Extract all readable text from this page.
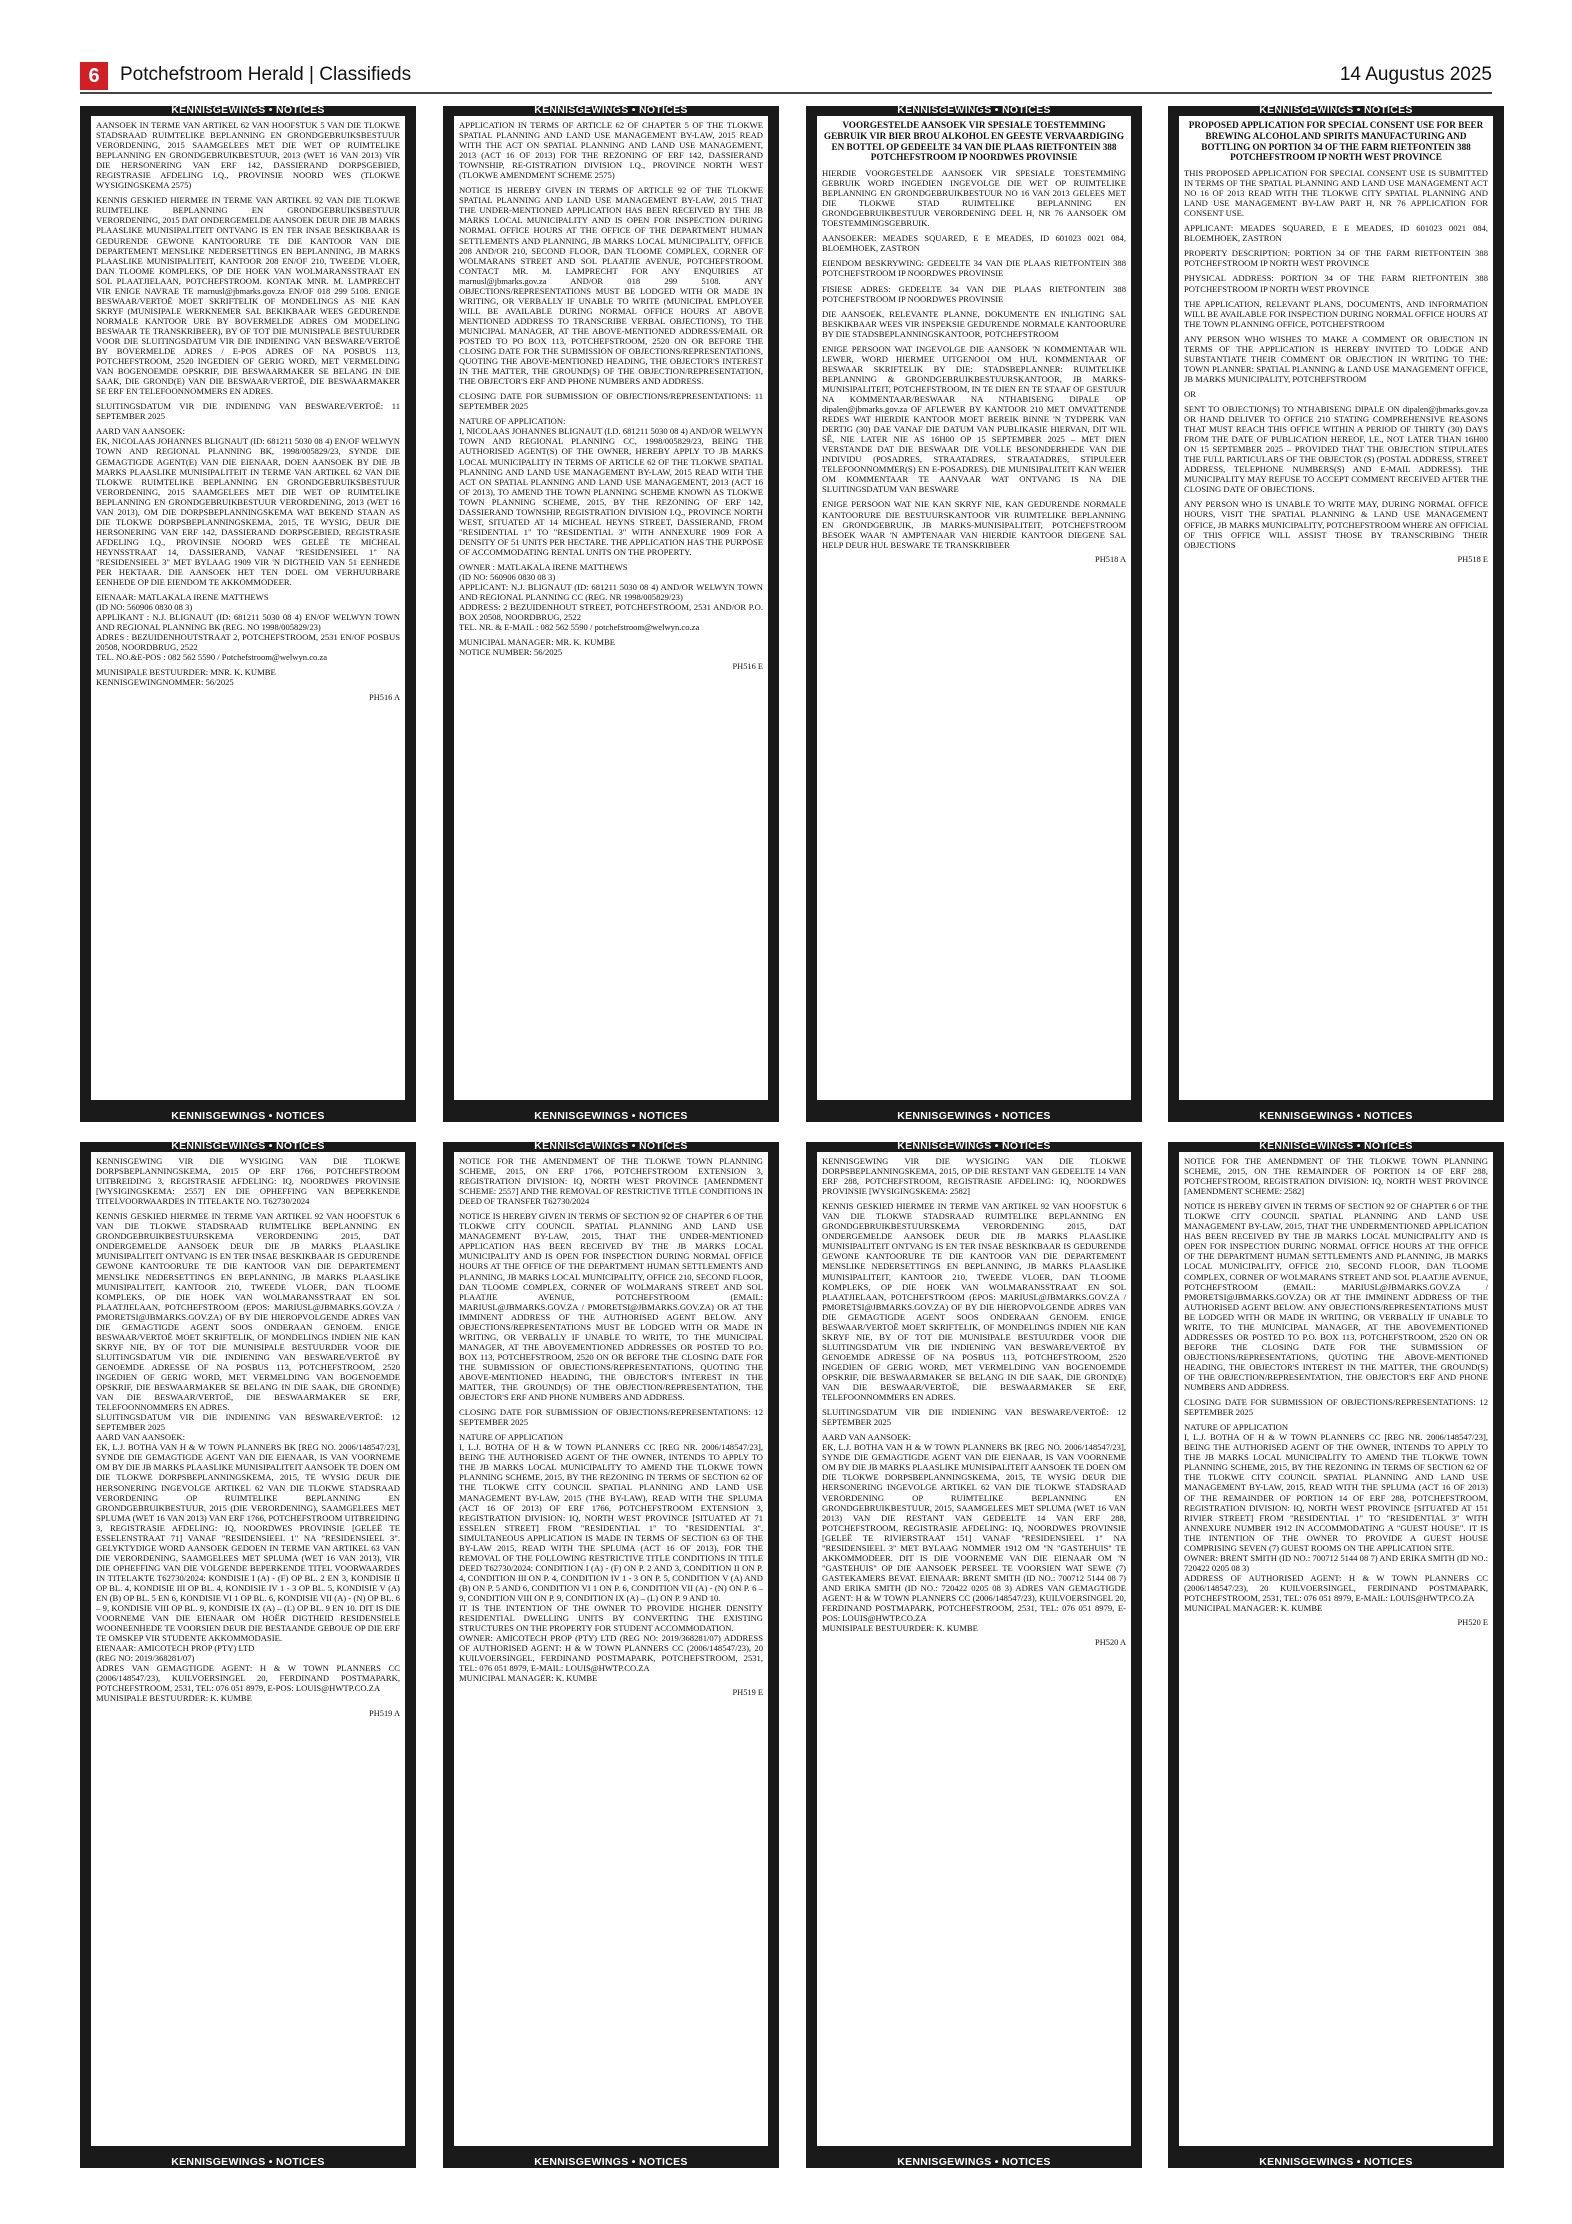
6	Potchefstroom Herald | Classifieds	14 Augustus 2025
KENNISGEWINGS • NOTICES

AANSOEK IN TERME VAN ARTIKEL 62 VAN HOOFSTUK 5 VAN DIE TLOKWE STADSRAAD RUIMTELIKE BEPLANNING EN GRONDGEBRUIKSBESTUUR VERORDENING, 2015 SAAMGELEES MET DIE WET OP RUIMTELIKE BEPLANNING EN GRONDGEBRUIKBESTUUR, 2013 (WET 16 VAN 2013) VIR DIE HERSONERING VAN ERF 142, DASSIERAND DORPSGEBIED, REGISTRASIE AFDELING I.Q., PROVINSIE NOORD WES (TLOKWE WYSIGINGSKEMA 2575)

KENNIS GESKIED HIERMEE IN TERME VAN ARTIKEL 92 VAN DIE TLOKWE RUIMTELIKE BEPLANNING EN GRONDGEBRUIKSBESTUUR VERORDENING, 2015 DAT ONDERGEMELDE AANSOEK DEUR DIE JB MARKS PLAASLIKE MUNISIPALITEIT ONTVANG IS EN TER INSAE BESKIKBAAR IS GEDURENDE GEWONE KANTOORURE TE DIE KANTOOR VAN DIE DEPARTEMENT MENSLIKE NEDERSETTINGS EN BEPLANNING, JB MARKS PLAASLIKE MUNISIPALITEIT, KANTOOR 208 EN/OF 210, TWEEDE VLOER, DAN TLOOME KOMPLEKS, OP DIE HOEK VAN WOLMARANSSTRAAT EN SOL PLAATJIELAAN, POTCHEFSTROOM. KONTAK MNR. M. LAMPRECHT VIR ENIGE NAVRAE TE marnusl@jbmarks.gov.za EN/OF 018 299 5108. ENIGE BESWAAR/VERTOË MOET SKRIFTELIK OF MONDELINGS AS NIE KAN SKRYF (MUNISIPALE WERKNEMER SAL BEKIKBAAR WEES GEDURENDE NORMALE KANTOOR URE BY BOVERMELDE ADRES OM MODELING BESWAAR TE TRANSKRIBEER), BY OF TOT DIE MUNISIPALE BESTUURDER VOOR DIE SLUITINGSDATUM VIR DIE INDIENING VAN BESWARE/VERTOË BY BOVERMELDE ADRES / E-POS ADRES OF NA POSBUS 113, POTCHEFSTROOM, 2520 INGEDIEN OF GERIG WORD, MET VERMELDING VAN BOGENOEMDE OPSKRIF, DIE BESWAARMAKER SE BELANG IN DIE SAAK, DIE GROND(E) VAN DIE BESWAAR/VERTOË, DIE BESWAARMAKER SE ERF EN TELEFOONNOMMERS EN ADRES.

SLUITINGSDATUM VIR DIE INDIENING VAN BESWARE/VERTOË: 11 SEPTEMBER 2025

AARD VAN AANSOEK:
EK, NICOLAAS JOHANNES BLIGNAUT (ID: 681211 5030 08 4) EN/OF WELWYN TOWN AND REGIONAL PLANNING BK, 1998/005829/23, SYNDE DIE GEMAGTIGDE AGENT(E) VAN DIE EIENAAR, DOEN AANSOEK BY DIE JB MARKS PLAASLIKE MUNISIPALITEIT IN TERME VAN ARTIKEL 62 VAN DIE TLOKWE RUIMTELIKE BEPLANNING EN GRONDGEBRUIKSBESTUUR VERORDENING, 2015 SAAMGELEES MET DIE WET OP RUIMTELIKE BEPLANNING EN GRONDGEBRUIKBESTUUR VERORDENING, 2013 (WET 16 VAN 2013), OM DIE DORPSBEPLANNINGSKEMA WAT BEKEND STAAN AS DIE TLOKWE DORPSBEPLANNINGSKEMA, 2015, TE WYSIG, DEUR DIE HERSONERING VAN ERF 142, DASSIERAND DORPSGEBIED, REGISTRASIE AFDELING I.Q., PROVINSIE NOORD WES GELEË TE MICHEAL HEYNSSTRAAT 14, DASSIERAND, VANAF "RESIDENSIEEL 1" NA "RESIDENSIEEL 3" MET BYLAAG 1909 VIR 'N DIGTHEID VAN 51 EENHEDE PER HEKTAAR. DIE AANSOEK HET TEN DOEL OM VERHUURBARE EENHEDE OP DIE EIENDOM TE AKKOMMODEER.

EIENAAR: MATLAKALA IRENE MATTHEWS
(ID NO: 560906 0830 08 3)
APPLIKANT : N.J. BLIGNAUT (ID: 681211 5030 08 4) EN/OF WELWYN TOWN AND REGIONAL PLANNING BK (REG. NO 1998/005829/23)
ADRES : BEZUIDENHOUTSTRAAT 2, POTCHEFSTROOM, 2531 EN/OF POSBUS 20508, NOORDBRUG, 2522
TEL. NO.&E-POS : 082 562 5590 / Potchefstroom@welwyn.co.za

MUNISIPALE BESTUURDER: MNR. K. KUMBE
KENNISGEWINGNOMMER: 56/2025

PH516 A

KENNISGEWINGS • NOTICES
KENNISGEWINGS • NOTICES

APPLICATION IN TERMS OF ARTICLE 62 OF CHAPTER 5 OF THE TLOKWE SPATIAL PLANNING AND LAND USE MANAGEMENT BY-LAW, 2015 READ WITH THE ACT ON SPATIAL PLANNING AND LAND USE MANAGEMENT, 2013 (ACT 16 OF 2013) FOR THE REZONING OF ERF 142, DASSIERAND TOWNSHIP, RE-GISTRATION DIVISION I.Q., PROVINCE NORTH WEST (TLOKWE AMENDMENT SCHEME 2575)

NOTICE IS HEREBY GIVEN IN TERMS OF ARTICLE 92 OF THE TLOKWE SPATIAL PLANNING AND LAND USE MANAGEMENT BY-LAW, 2015 THAT THE UNDER-MENTIONED APPLICATION HAS BEEN RECEIVED BY THE JB MARKS LOCAL MUNICIPALITY AND IS OPEN FOR INSPECTION DURING NORMAL OFFICE HOURS AT THE OFFICE OF THE DEPARTMENT HUMAN SETTLEMENTS AND PLANNING, JB MARKS LOCAL MUNICIPALITY, OFFICE 208 AND/OR 210, SECOND FLOOR, DAN TLOOME COMPLEX, CORNER OF WOLMARANS STREET AND SOL PLAATJIE AVENUE, POTCHEFSTROOM. CONTACT MR. M. LAMPRECHT FOR ANY ENQUIRIES AT marnusl@jbmarks.gov.za AND/OR 018 299 5108. ANY OBJECTIONS/REPRESENTATIONS MUST BE LODGED WITH OR MADE IN WRITING, OR VERBALLY IF UNABLE TO WRITE (MUNICIPAL EMPLOYEE WILL BE AVAILABLE DURING NORMAL OFFICE HOURS AT ABOVE MENTIONED ADDRESS TO TRANSCRIBE VERBAL OBJECTIONS), TO THE MUNICIPAL MANAGER, AT THE ABOVE-MENTIONED ADDRESS/EMAIL OR POSTED TO PO BOX 113, POTCHEFSTROOM, 2520 ON OR BEFORE THE CLOSING DATE FOR THE SUBMISSION OF OBJECTIONS/REPRESENTATIONS, QUOTING THE ABOVE-MENTIONED HEADING, THE OBJECTOR'S INTEREST IN THE MATTER, THE GROUND(S) OF THE OBJECTION/REPRESENTATION, THE OBJECTOR'S ERF AND PHONE NUMBERS AND ADDRESS.

CLOSING DATE FOR SUBMISSION OF OBJECTIONS/REPRESENTATIONS: 11 SEPTEMBER 2025

NATURE OF APPLICATION:
I, NICOLAAS JOHANNES BLIGNAUT (I.D. 681211 5030 08 4) AND/OR WELWYN TOWN AND REGIONAL PLANNING CC, 1998/005829/23, BEING THE AUTHORISED AGENT(S) OF THE OWNER, HEREBY APPLY TO JB MARKS LOCAL MUNICIPALITY IN TERMS OF ARTICLE 62 OF THE TLOKWE SPATIAL PLANNING AND LAND USE MANAGEMENT BY-LAW, 2015 READ WITH THE ACT ON SPATIAL PLANNING AND LAND USE MANAGEMENT, 2013 (ACT 16 OF 2013), TO AMEND THE TOWN PLANNING SCHEME KNOWN AS TLOKWE TOWN PLANNING SCHEME, 2015, BY THE REZONING OF ERF 142, DASSIERAND TOWNSHIP, REGISTRATION DIVISION I.Q., PROVINCE NORTH WEST, SITUATED AT 14 MICHEAL HEYNS STREET, DASSIERAND, FROM "RESIDENTIAL 1" TO "RESIDENTIAL 3" WITH ANNEXURE 1909 FOR A DENSITY OF 51 UNITS PER HECTARE. THE APPLICATION HAS THE PURPOSE OF ACCOMMODATING RENTAL UNITS ON THE PROPERTY.

OWNER : MATLAKALA IRENE MATTHEWS
(ID NO: 560906 0830 08 3)
APPLICANT: N.J. BLIGNAUT (ID: 681211 5030 08 4) AND/OR WELWYN TOWN AND REGIONAL PLANNING CC (REG. NR 1998/005829/23)
ADDRESS: 2 BEZUIDENHOUT STREET, POTCHEFSTROOM, 2531 AND/OR P.O. BOX 20508, NOORDBRUG, 2522
TEL. NR. & E-MAIL : 082 562 5590 / potchefstroom@welwyn.co.za

MUNICIPAL MANAGER: MR. K. KUMBE
NOTICE NUMBER: 56/2025

PH516 E

KENNISGEWINGS • NOTICES
KENNISGEWINGS • NOTICES

VOORGESTELDE AANSOEK VIR SPESIALE TOESTEMMING GEBRUIK VIR BIER BROU ALKOHOL EN GEESTE VERVAARDIGING EN BOTTEL OP GEDEELTE 34 VAN DIE PLAAS RIETFONTEIN 388 POTCHEFSTROOM IP NOORDWES PROVINSIE

HIERDIE VOORGESTELDE AANSOEK VIR SPESIALE TOESTEMMING GEBRUIK WORD INGEDIEN INGEVOLGE DIE WET OP RUIMTELIKE BEPLANNING EN GRONDGEBRUIKBESTUUR NO 16 VAN 2013 GELEES MET DIE TLOKWE STAD RUIMTELIKE BEPLANNING EN GRONDGEBRUIKBESTUUR VERORDENING DEEL H, NR 76 AANSOEK OM TOESTEMMINGSGEBRUIK.

AANSOEKER: MEADES SQUARED, E E MEADES, ID 601023 0021 084, BLOEMHOEK, ZASTRON

EIENDOM BESKRYWING: GEDEELTE 34 VAN DIE PLAAS RIETFONTEIN 388 POTCHEFSTROOM IP NOORDWES PROVINSIE

FISIESE ADRES: GEDEELTE 34 VAN DIE PLAAS RIETFONTEIN 388 POTCHEFSTROOM IP NOORDWES PROVINSIE

DIE AANSOEK, RELEVANTE PLANNE, DOKUMENTE EN INLIGTING SAL BESKIKBAAR WEES VIR INSPEKSIE GEDURENDE NORMALE KANTOORURE BY DIE STADSBEPLANNINGSKANTOOR, POTCHEFSTROOM

ENIGE PERSOON WAT INGEVOLGE DIE AANSOEK 'N KOMMENTAAR WIL LEWER, WORD HIERMEE UITGENOOI OM HUL KOMMENTAAR OF BESWAAR SKRIFTELIK BY DIE: STADSBEPLANNER: RUIMTELIKE BEPLANNING & GRONDGEBRUIKBESTUURSKANTOOR, JB MARKS-MUNISIPALITEIT, POTCHEFSTROOM, IN TE DIEN EN TE STAAF OF GESTUUR NA KOMMENTAAR/BESWAAR NA NTHABISENG DIPALE OP dipalen@jbmarks.gov.za OF AFLEWER BY KANTOOR 210 MET OMVATTENDE REDES WAT HIERDIE KANTOOR MOET BEREIK BINNE 'N TYDPERK VAN DERTIG (30) DAE VANAF DIE DATUM VAN PUBLIKASIE HIERVAN, DIT WIL SÊ, NIE LATER NIE AS 16H00 OP 15 SEPTEMBER 2025 – MET DIEN VERSTANDE DAT DIE BESWAAR DIE VOLLE BESONDERHEDE VAN DIE INDIVIDU (POSADRES, STRAATADRES, STRAATADRES, STIPULEER TELEFOONNOMMER(S) EN E-POSADRES). DIE MUNISIPALITEIT KAN WEIER OM KOMMENTAAR TE AANVAAR WAT ONTVANG IS NA DIE SLUITINGSDATUM VAN BESWARE

ENIGE PERSOON WAT NIE KAN SKRYF NIE, KAN GEDURENDE NORMALE KANTOORURE DIE BESTUURSKANTOOR VIR RUIMTELIKE BEPLANNING EN GRONDGEBRUIK, JB MARKS-MUNISIPALITEIT, POTCHEFSTROOM BESOEK WAAR 'N AMPTENAAR VAN HIERDIE KANTOOR DIEGENE SAL HELP DEUR HUL BESWARE TE TRANSKRIBEER

PH518 A

KENNISGEWINGS • NOTICES
KENNISGEWINGS • NOTICES

PROPOSED APPLICATION FOR SPECIAL CONSENT USE FOR BEER BREWING ALCOHOL AND SPIRITS MANUFACTURING AND BOTTLING ON PORTION 34 OF THE FARM RIETFONTEIN 388 POTCHEFSTROOM IP NORTH WEST PROVINCE

THIS PROPOSED APPLICATION FOR SPECIAL CONSENT USE IS SUBMITTED IN TERMS OF THE SPATIAL PLANNING AND LAND USE MANAGEMENT ACT NO 16 OF 2013 READ WITH THE TLOKWE CITY SPATIAL PLANNING AND LAND USE MANAGEMENT BY-LAW PART H, NR 76 APPLICATION FOR CONSENT USE.

APPLICANT: MEADES SQUARED, E E MEADES, ID 601023 0021 084, BLOEMHOEK, ZASTRON

PROPERTY DESCRIPTION: PORTION 34 OF THE FARM RIETFONTEIN 388 POTCHEFSTROOM IP NORTH WEST PROVINCE

PHYSICAL ADDRESS: PORTION 34 OF THE FARM RIETFONTEIN 388 POTCHEFSTROOM IP NORTH WEST PROVINCE

THE APPLICATION, RELEVANT PLANS, DOCUMENTS, AND INFORMATION WILL BE AVAILABLE FOR INSPECTION DURING NORMAL OFFICE HOURS AT THE TOWN PLANNING OFFICE, POTCHEFSTROOM

ANY PERSON WHO WISHES TO MAKE A COMMENT OR OBJECTION IN TERMS OF THE APPLICATION IS HEREBY INVITED TO LODGE AND SUBSTANTIATE THEIR COMMENT OR OBJECTION IN WRITING TO THE: TOWN PLANNER: SPATIAL PLANNING & LAND USE MANAGEMENT OFFICE, JB MARKS MUNICIPALITY, POTCHEFSTROOM

OR

SENT TO OBJECTION(S) TO NTHABISENG DIPALE ON dipalen@jbmarks.gov.za OR HAND DELIVER TO OFFICE 210 STATING COMPREHENSIVE REASONS THAT MUST REACH THIS OFFICE WITHIN A PERIOD OF THIRTY (30) DAYS FROM THE DATE OF PUBLICATION HEREOF, I.E., NOT LATER THAN 16H00 ON 15 SEPTEMBER 2025 – PROVIDED THAT THE OBJECTION STIPULATES THE FULL PARTICULARS OF THE OBJECTOR (S) (POSTAL ADDRESS, STREET ADDRESS, TELEPHONE NUMBERS(S) AND E-MAIL ADDRESS). THE MUNICIPALITY MAY REFUSE TO ACCEPT COMMENT RECEIVED AFTER THE CLOSING DATE OF OBJECTIONS.

ANY PERSON WHO IS UNABLE TO WRITE MAY, DURING NORMAL OFFICE HOURS, VISIT THE SPATIAL PLANNING & LAND USE MANAGEMENT OFFICE, JB MARKS MUNICIPALITY, POTCHEFSTROOM WHERE AN OFFICIAL OF THIS OFFICE WILL ASSIST THOSE BY TRANSCRIBING THEIR OBJECTIONS

PH518 E

KENNISGEWINGS • NOTICES
KENNISGEWINGS • NOTICES

KENNISGEWING VIR DIE WYSIGING VAN DIE TLOKWE DORPSBEPLANNINGSKEMA, 2015 OP ERF 1766, POTCHEFSTROOM UITBREIDING 3, REGISTRASIE AFDELING: IQ, NOORDWES PROVINSIE [WYSIGINGSKEMA: 2557] EN DIE OPHEFFING VAN BEPERKENDE TITELVOORWAARDES IN TITELAKTE NO. T62730/2024

KENNIS GESKIED HIERMEE IN TERME VAN ARTIKEL 92 VAN HOOFSTUK 6 VAN DIE TLOKWE STADSRAAD RUIMTELIKE BEPLANNING EN GRONDGEBRUIKBESTUURSKEMA VERORDENING 2015, DAT ONDERGEMELDE AANSOEK DEUR DIE JB MARKS PLAASLIKE MUNISIPALITEIT ONTVANG IS EN TER INSAE BESKIKBAAR IS GEDURENDE GEWONE KANTOORURE TE DIE KANTOOR VAN DIE DEPARTEMENT MENSLIKE NEDERSETTINGS EN BEPLANNING, JB MARKS PLAASLIKE MUNISIPALITEIT, KANTOOR 210, TWEEDE VLOER, DAN TLOOME KOMPLEKS, OP DIE HOEK VAN WOLMARANSSTRAAT EN SOL PLAATJIELAAN, POTCHEFSTROOM (EPOS: MARIUSL@JBMARKS.GOV.ZA / PMORETSI@JBMARKS.GOV.ZA) OF BY DIE HIEROPVOLGENDE ADRES VAN DIE GEMAGTIGDE AGENT SOOS ONDERAAN GENOEM. ENIGE BESWAAR/VERTOË MOET SKRIFTELIK, OF MONDELINGS INDIEN NIE KAN SKRYF NIE, BY OF TOT DIE MUNISIPALE BESTUURDER VOOR DIE SLUITINGSDATUM VIR DIE INDIENING VAN BESWARE/VERTOË BY GENOEMDE ADRESSE OF NA POSBUS 113, POTCHEFSTROOM, 2520 INGEDIEN OF GERIG WORD, MET VERMELDING VAN BOGENOEMDE OPSKRIF, DIE BESWAARMAKER SE BELANG IN DIE SAAK, DIE GROND(E) VAN DIE BESWAAR/VERTOË, DIE BESWAARMAKER SE ERF, TELEFOONNOMMERS EN ADRES.
SLUITINGSDATUM VIR DIE INDIENING VAN BESWARE/VERTOË: 12 SEPTEMBER 2025
AARD VAN AANSOEK:
EK, L.J. BOTHA VAN H & W TOWN PLANNERS BK [REG NO. 2006/148547/23], SYNDE DIE GEMAGTIGDE AGENT VAN DIE EIENAAR, IS VAN VOORNEME OM BY DIE JB MARKS PLAASLIKE MUNISIPALITEIT AANSOEK TE DOEN OM DIE TLOKWE DORPSBEPLANNINGSKEMA, 2015, TE WYSIG DEUR DIE HERSONERING INGEVOLGE ARTIKEL 62 VAN DIE TLOKWE STADSRAAD VERORDENING OP RUIMTELIKE BEPLANNING EN GRONDGEBRUIKBESTUUR, 2015 (DIE VERORDENING), SAAMGELEES MET SPLUMA (WET 16 VAN 2013) VAN ERF 1766, POTCHEFSTROOM UITBREIDING 3, REGISTRASIE AFDELING: IQ, NOORDWES PROVINSIE [GELEË TE ESSELENSTRAAT 71] VANAF "RESIDENSIEEL 1" NA "RESIDENSIEEL 3". GELYKTYDIGE WORD AANSOEK GEDOEN IN TERME VAN ARTIKEL 63 VAN DIE VERORDENING, SAAMGELEES MET SPLUMA (WET 16 VAN 2013), VIR DIE OPHEFFING VAN DIE VOLGENDE BEPERKENDE TITEL VOORWAARDES IN TITELAKTE T62730/2024: KONDISIE I (A) - (F) OP BL. 2 EN 3, KONDISIE II OP BL. 4, KONDISIE III OP BL. 4, KONDISIE IV 1 - 3 OP BL. 5, KONDISIE V (A) EN (B) OP BL. 5 EN 6, KONDISIE VI 1 OP BL. 6, KONDISIE VII (A) - (N) OP BL. 6 – 9, KONDISIE VIII OP BL. 9, KONDISIE IX (A) – (L) OP BL. 9 EN 10. DIT IS DIE VOORNEME VAN DIE EIENAAR OM HOËR DIGTHEID RESIDENSIELE WOONEENHEDE TE VOORSIEN DEUR DIE BESTAANDE GEBOUE OP DIE ERF TE OMSKEP VIR STUDENTE AKKOMMODASIE.
EIENAAR: AMICOTECH PROP (PTY) LTD
(REG NO: 2019/368281/07)
ADRES VAN GEMAGTIGDE AGENT: H & W TOWN PLANNERS CC (2006/148547/23), KUILVOERSINGEL 20, FERDINAND POSTMAPARK, POTCHEFSTROOM, 2531, TEL: 076 051 8979, E-POS: LOUIS@HWTP.CO.ZA
MUNISIPALE BESTUURDER: K. KUMBE

PH519 A

KENNISGEWINGS • NOTICES
KENNISGEWINGS • NOTICES

NOTICE FOR THE AMENDMENT OF THE TLOKWE TOWN PLANNING SCHEME, 2015, ON ERF 1766, POTCHEFSTROOM EXTENSION 3, REGISTRATION DIVISION: IQ, NORTH WEST PROVINCE [AMENDMENT SCHEME: 2557] AND THE REMOVAL OF RESTRICTIVE TITLE CONDITIONS IN DEED OF TRANSFER T62730/2024

NOTICE IS HEREBY GIVEN IN TERMS OF SECTION 92 OF CHAPTER 6 OF THE TLOKWE CITY COUNCIL SPATIAL PLANNING AND LAND USE MANAGEMENT BY-LAW, 2015, THAT THE UNDER-MENTIONED APPLICATION HAS BEEN RECEIVED BY THE JB MARKS LOCAL MUNICIPALITY AND IS OPEN FOR INSPECTION DURING NORMAL OFFICE HOURS AT THE OFFICE OF THE DEPARTMENT HUMAN SETTLEMENTS AND PLANNING, JB MARKS LOCAL MUNICIPALITY, OFFICE 210, SECOND FLOOR, DAN TLOOME COMPLEX, CORNER OF WOLMARANS STREET AND SOL PLAATJIE AVENUE, POTCHEFSTROOM (EMAIL: MARIUSL@JBMARKS.GOV.ZA / PMORETSI@JBMARKS.GOV.ZA) OR AT THE IMMINENT ADDRESS OF THE AUTHORISED AGENT BELOW. ANY OBJECTIONS/REPRESENTATIONS MUST BE LODGED WITH OR MADE IN WRITING, OR VERBALLY IF UNABLE TO WRITE, TO THE MUNICIPAL MANAGER, AT THE ABOVEMENTIONED ADDRESSES OR POSTED TO P.O. BOX 113, POTCHEFSTROOM, 2520 ON OR BEFORE THE CLOSING DATE FOR THE SUBMISSION OF OBJECTIONS/REPRESENTATIONS, QUOTING THE ABOVE-MENTIONED HEADING, THE OBJECTOR'S INTEREST IN THE MATTER, THE GROUND(S) OF THE OBJECTION/REPRESENTATION, THE OBJECTOR'S ERF AND PHONE NUMBERS AND ADDRESS.

CLOSING DATE FOR SUBMISSION OF OBJECTIONS/REPRESENTATIONS: 12 SEPTEMBER 2025

NATURE OF APPLICATION
I, L.J. BOTHA OF H & W TOWN PLANNERS CC [REG NR. 2006/148547/23], BEING THE AUTHORISED AGENT OF THE OWNER, INTENDS TO APPLY TO THE JB MARKS LOCAL MUNICIPALITY TO AMEND THE TLOKWE TOWN PLANNING SCHEME, 2015, BY THE REZONING IN TERMS OF SECTION 62 OF THE TLOKWE CITY COUNCIL SPATIAL PLANNING AND LAND USE MANAGEMENT BY-LAW, 2015 (THE BY-LAW), READ WITH THE SPLUMA (ACT 16 OF 2013) OF ERF 1766, POTCHEFSTROOM EXTENSION 3, REGISTRATION DIVISION: IQ, NORTH WEST PROVINCE [SITUATED AT 71 ESSELEN STREET] FROM "RESIDENTIAL 1" TO "RESIDENTIAL 3". SIMULTANEOUS APPLICATION IS MADE IN TERMS OF SECTION 63 OF THE BY-LAW 2015, READ WITH THE SPLUMA (ACT 16 OF 2013), FOR THE REMOVAL OF THE FOLLOWING RESTRICTIVE TITLE CONDITIONS IN TITLE DEED T62730/2024: CONDITION I (A) - (F) ON P. 2 AND 3, CONDITION II ON P. 4, CONDITION III ON P. 4, CONDITION IV 1 - 3 ON P. 5, CONDITION V (A) AND (B) ON P. 5 AND 6, CONDITION VI 1 ON P. 6, CONDITION VII (A) - (N) ON P. 6 – 9, CONDITION VIII ON P. 9, CONDITION IX (A) – (L) ON P. 9 AND 10.
IT IS THE INTENTION OF THE OWNER TO PROVIDE HIGHER DENSITY RESIDENTIAL DWELLING UNITS BY CONVERTING THE EXISTING STRUCTURES ON THE PROPERTY FOR STUDENT ACCOMMODATION.
OWNER: AMICOTECH PROP (PTY) LTD (REG NO: 2019/368281/07) ADDRESS OF AUTHORISED AGENT: H & W TOWN PLANNERS CC (2006/148547/23), 20 KUILVOERSINGEL, FERDINAND POSTMAPARK, POTCHEFSTROOM, 2531, TEL: 076 051 8979, E-MAIL: LOUIS@HWTP.CO.ZA
MUNICIPAL MANAGER: K. KUMBE

PH519 E

KENNISGEWINGS • NOTICES
KENNISGEWINGS • NOTICES

KENNISGEWING VIR DIE WYSIGING VAN DIE TLOKWE DORPSBEPLANNINGSKEMA, 2015, OP DIE RESTANT VAN GEDEELTE 14 VAN ERF 288, POTCHEFSTROOM, REGISTRASIE AFDELING: IQ, NOORDWES PROVINSIE [WYSIGINGSKEMA: 2582]

KENNIS GESKIED HIERMEE IN TERME VAN ARTIKEL 92 VAN HOOFSTUK 6 VAN DIE TLOKWE STADSRAAD RUIMTELIKE BEPLANNING EN GRONDGEBRUIKBESTUURSKEMA VERORDENING 2015, DAT ONDERGEMELDE AANSOEK DEUR DIE JB MARKS PLAASLIKE MUNISIPALITEIT ONTVANG IS EN TER INSAE BESKIKBAAR IS GEDURENDE GEWONE KANTOORURE TE DIE KANTOOR VAN DIE DEPARTEMENT MENSLIKE NEDERSETTINGS EN BEPLANNING, JB MARKS PLAASLIKE MUNISIPALITEIT, KANTOOR 210, TWEEDE VLOER, DAN TLOOME KOMPLEKS, OP DIE HOEK VAN WOLMARANSSTRAAT EN SOL PLAATJIELAAN, POTCHEFSTROOM (EPOS: MARIUSL@JBMARKS.GOV.ZA / PMORETSI@JBMARKS.GOV.ZA) OF BY DIE HIEROPVOLGENDE ADRES VAN DIE GEMAGTIGDE AGENT SOOS ONDERAAN GENOEM. ENIGE BESWAAR/VERTOË MOET SKRIFTELIK, OF MONDELINGS INDIEN NIE KAN SKRYF NIE, BY OF TOT DIE MUNISIPALE BESTUURDER VOOR DIE SLUITINGSDATUM VIR DIE INDIENING VAN BESWARE/VERTOË BY GENOEMDE ADRESSE OF NA POSBUS 113, POTCHEFSTROOM, 2520 INGEDIEN OF GERIG WORD, MET VERMELDING VAN BOGENOEMDE OPSKRIF, DIE BESWAARMAKER SE BELANG IN DIE SAAK, DIE GROND(E) VAN DIE BESWAAR/VERTOË, DIE BESWAARMAKER SE ERF, TELEFOONNOMMERS EN ADRES.

SLUITINGSDATUM VIR DIE INDIENING VAN BESWARE/VERTOË: 12 SEPTEMBER 2025

AARD VAN AANSOEK:
EK, L.J. BOTHA VAN H & W TOWN PLANNERS BK [REG NO. 2006/148547/23], SYNDE DIE GEMAGTIGDE AGENT VAN DIE EIENAAR, IS VAN VOORNEME OM BY DIE JB MARKS PLAASLIKE MUNISIPALITEIT AANSOEK TE DOEN OM DIE TLOKWE DORPSBEPLANNINGSKEMA, 2015, TE WYSIG DEUR DIE HERSONERING INGEVOLGE ARTIKEL 62 VAN DIE TLOKWE STADSRAAD VERORDENING OP RUIMTELIKE BEPLANNING EN GRONDGEBRUIKBESTUUR, 2015, SAAMGELEES MET SPLUMA (WET 16 VAN 2013) VAN DIE RESTANT VAN GEDEELTE 14 VAN ERF 288, POTCHEFSTROOM, REGISTRASIE AFDELING: IQ, NOORDWES PROVINSIE [GELEË TE RIVIERSTRAAT 151] VANAF "RESIDENSIEEL 1" NA "RESIDENSIEEL 3" MET BYLAAG NOMMER 1912 OM "N "GASTEHUIS" TE AKKOMMODEER. DIT IS DIE VOORNEME VAN DIE EIENAAR OM 'N "GASTEHUIS" OP DIE AANSOEK PERSEEL TE VOORSIEN WAT SEWE (7) GASTEKAMERS BEVAT. EIENAAR: BRENT SMITH (ID NO.: 700712 5144 08 7) AND ERIKA SMITH (ID NO.: 720422 0205 08 3) ADRES VAN GEMAGTIGDE AGENT: H & W TOWN PLANNERS CC (2006/148547/23), KUILVOERSINGEL 20, FERDINAND POSTMAPARK, POTCHEFSTROOM, 2531, TEL: 076 051 8979, E-POS: LOUIS@HWTP.CO.ZA
MUNISIPALE BESTUURDER: K. KUMBE

PH520 A

KENNISGEWINGS • NOTICES
KENNISGEWINGS • NOTICES

NOTICE FOR THE AMENDMENT OF THE TLOKWE TOWN PLANNING SCHEME, 2015, ON THE REMAINDER OF PORTION 14 OF ERF 288, POTCHEFSTROOM, REGISTRATION DIVISION: IQ, NORTH WEST PROVINCE [AMENDMENT SCHEME: 2582]

NOTICE IS HEREBY GIVEN IN TERMS OF SECTION 92 OF CHAPTER 6 OF THE TLOKWE CITY COUNCIL SPATIAL PLANNING AND LAND USE MANAGEMENT BY-LAW, 2015, THAT THE UNDERMENTIONED APPLICATION HAS BEEN RECEIVED BY THE JB MARKS LOCAL MUNICIPALITY AND IS OPEN FOR INSPECTION DURING NORMAL OFFICE HOURS AT THE OFFICE OF THE DEPARTMENT HUMAN SETTLEMENTS AND PLANNING, JB MARKS LOCAL MUNICIPALITY, OFFICE 210, SECOND FLOOR, DAN TLOOME COMPLEX, CORNER OF WOLMARANS STREET AND SOL PLAATJIE AVENUE, POTCHEFSTROOM (EMAIL: MARIUSL@JBMARKS.GOV.ZA / PMORETSI@JBMARKS.GOV.ZA) OR AT THE IMMINENT ADDRESS OF THE AUTHORISED AGENT BELOW. ANY OBJECTIONS/REPRESENTATIONS MUST BE LODGED WITH OR MADE IN WRITING, OR VERBALLY IF UNABLE TO WRITE, TO THE MUNICIPAL MANAGER, AT THE ABOVEMENTIONED ADDRESSES OR POSTED TO P.O. BOX 113, POTCHEFSTROOM, 2520 ON OR BEFORE THE CLOSING DATE FOR THE SUBMISSION OF OBJECTIONS/REPRESENTATIONS, QUOTING THE ABOVE-MENTIONED HEADING, THE OBJECTOR'S INTEREST IN THE MATTER, THE GROUND(S) OF THE OBJECTION/REPRESENTATION, THE OBJECTOR'S ERF AND PHONE NUMBERS AND ADDRESS.

CLOSING DATE FOR SUBMISSION OF OBJECTIONS/REPRESENTATIONS: 12 SEPTEMBER 2025

NATURE OF APPLICATION
I, L.J. BOTHA OF H & W TOWN PLANNERS CC [REG NR. 2006/148547/23], BEING THE AUTHORISED AGENT OF THE OWNER, INTENDS TO APPLY TO THE JB MARKS LOCAL MUNICIPALITY TO AMEND THE TLOKWE TOWN PLANNING SCHEME, 2015, BY THE REZONING IN TERMS OF SECTION 62 OF THE TLOKWE CITY COUNCIL SPATIAL PLANNING AND LAND USE MANAGEMENT BY-LAW, 2015, READ WITH THE SPLUMA (ACT 16 OF 2013) OF THE REMAINDER OF PORTION 14 OF ERF 288, POTCHEFSTROOM, REGISTRATION DIVISION: IQ, NORTH WEST PROVINCE [SITUATED AT 151 RIVIER STREET] FROM "RESIDENTIAL 1" TO "RESIDENTIAL 3" WITH ANNEXURE NUMBER 1912 IN ACCOMMODATING A "GUEST HOUSE". IT IS THE INTENTION OF THE OWNER TO PROVIDE A GUEST HOUSE COMPRISING SEVEN (7) GUEST ROOMS ON THE APPLICATION SITE.
OWNER: BRENT SMITH (ID NO.: 700712 5144 08 7) AND ERIKA SMITH (ID NO.: 720422 0205 08 3)
ADDRESS OF AUTHORISED AGENT: H & W TOWN PLANNERS CC (2006/148547/23), 20 KUILVOERSINGEL, FERDINAND POSTMAPARK, POTCHEFSTROOM, 2531, TEL: 076 051 8979, E-MAIL: LOUIS@HWTP.CO.ZA
MUNICIPAL MANAGER: K. KUMBE

PH520 E

KENNISGEWINGS • NOTICES
